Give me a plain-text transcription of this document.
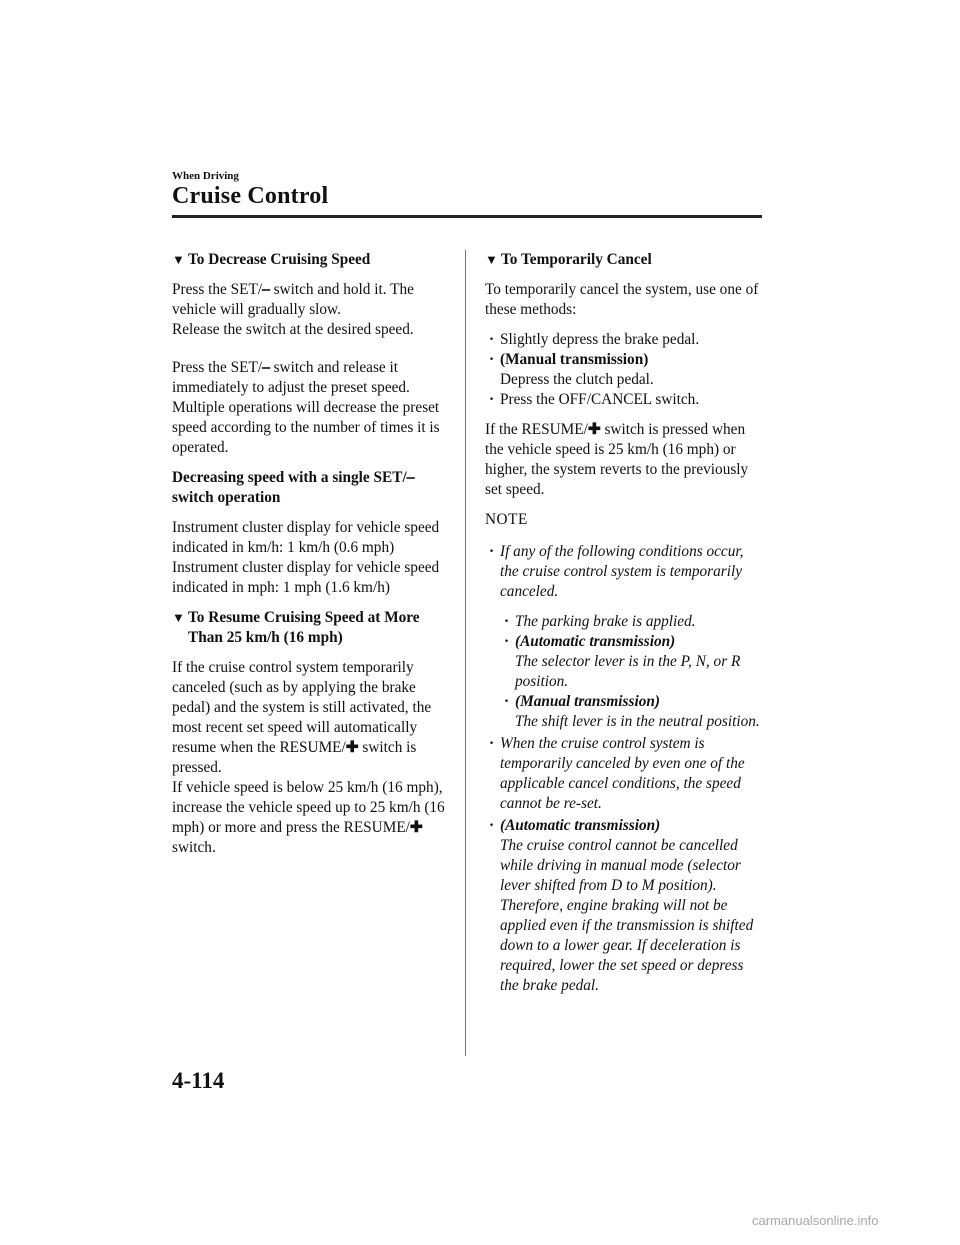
When Driving
Cruise Control
▼ To Decrease Cruising Speed
Press the SET/⎯ switch and hold it. The vehicle will gradually slow.
Release the switch at the desired speed.

Press the SET/⎯ switch and release it immediately to adjust the preset speed. Multiple operations will decrease the preset speed according to the number of times it is operated.

Decreasing speed with a single SET/⎯ switch operation

Instrument cluster display for vehicle speed indicated in km/h: 1 km/h (0.6 mph)

Instrument cluster display for vehicle speed indicated in mph: 1 mph (1.6 km/h)

▼ To Resume Cruising Speed at More Than 25 km/h (16 mph)

If the cruise control system temporarily canceled (such as by applying the brake pedal) and the system is still activated, the most recent set speed will automatically resume when the RESUME/✚ switch is pressed.

If vehicle speed is below 25 km/h (16 mph), increase the vehicle speed up to 25 km/h (16 mph) or more and press the RESUME/✚ switch.

▼ To Temporarily Cancel

To temporarily cancel the system, use one of these methods:

· Slightly depress the brake pedal.
· (Manual transmission)
Depress the clutch pedal.
· Press the OFF/CANCEL switch.

If the RESUME/✚ switch is pressed when the vehicle speed is 25 km/h (16 mph) or higher, the system reverts to the previously set speed.

NOTE
· If any of the following conditions occur, the cruise control system is temporarily canceled.
· The parking brake is applied.
· (Automatic transmission)
The selector lever is in the P, N, or R position.
· (Manual transmission)
The shift lever is in the neutral position.
· When the cruise control system is temporarily canceled by even one of the applicable cancel conditions, the speed cannot be re-set.
· (Automatic transmission)
The cruise control cannot be cancelled while driving in manual mode (selector lever shifted from D to M position). Therefore, engine braking will not be applied even if the transmission is shifted down to a lower gear. If deceleration is required, lower the set speed or depress the brake pedal.
4-114
carmanualsonline.info
